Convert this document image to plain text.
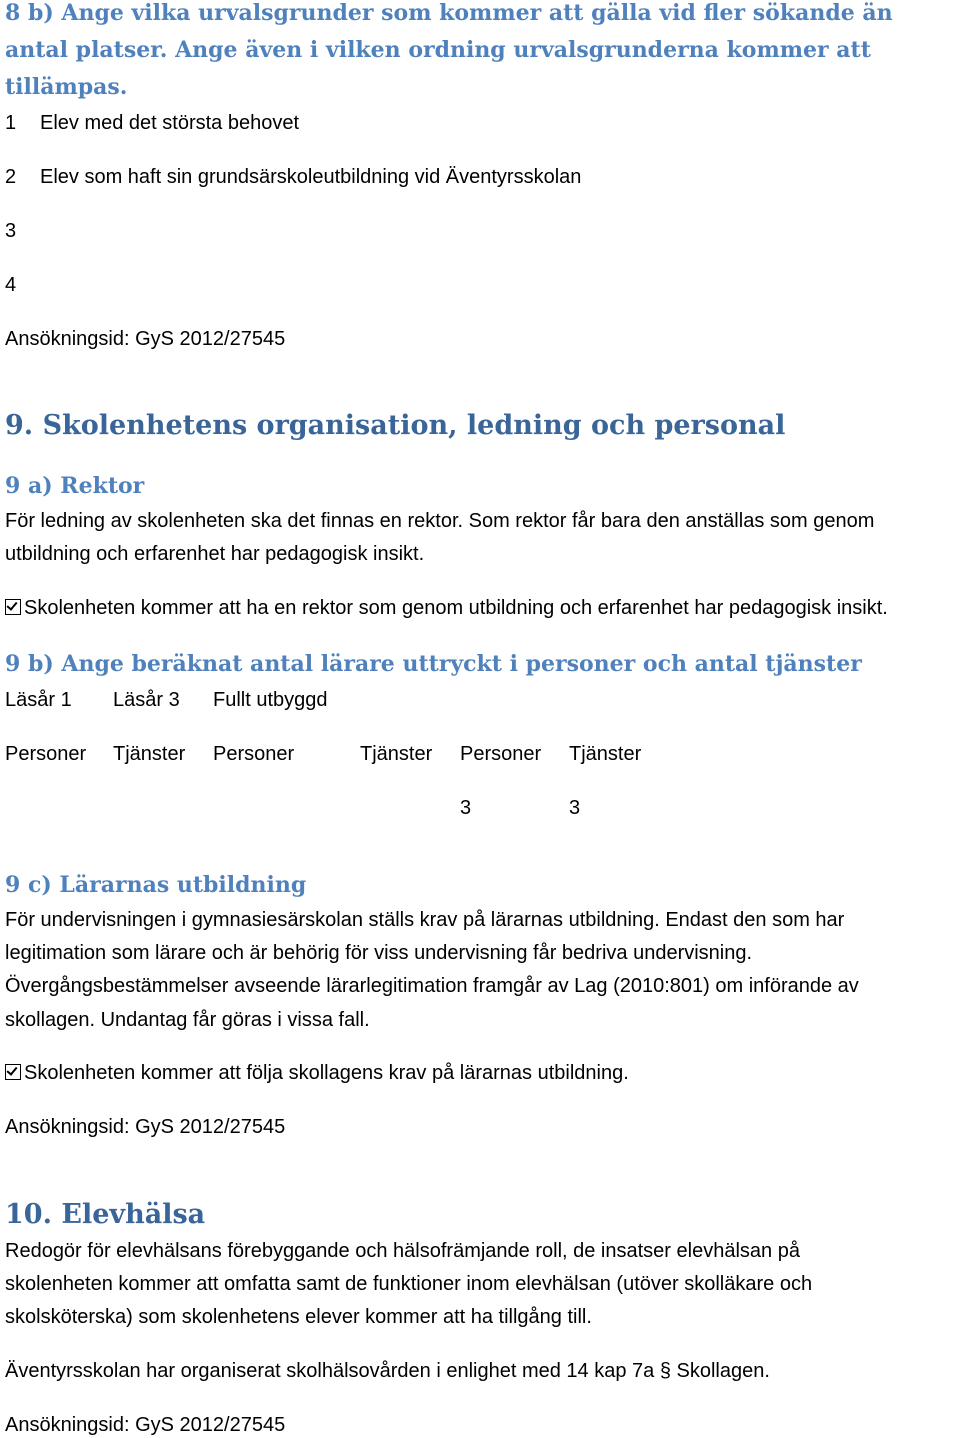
8 b) Ange vilka urvalsgrunder som kommer att gälla vid fler sökande än
antal platser. Ange även i vilken ordning urvalsgrunderna kommer att
tillämpas.
1 Elev med det största behovet
2 Elev som haft sin grundsärskoleutbildning vid Äventyrsskolan
3
4
Ansökningsid: GyS 2012/27545
9. Skolenhetens organisation, ledning och personal
9 a) Rektor
För ledning av skolenheten ska det finnas en rektor. Som rektor får bara den anställas som genom
utbildning och erfarenhet har pedagogisk insikt.
Skolenheten kommer att ha en rektor som genom utbildning och erfarenhet har pedagogisk insikt.
9 b) Ange beräknat antal lärare uttryckt i personer och antal tjänster
Läsår 1 Läsår 3 Fullt utbyggd
Personer Tjänster Personer	Tjänster Personer Tjänster
3	3
9 c) Lärarnas utbildning
För undervisningen i gymnasiesärskolan ställs krav på lärarnas utbildning. Endast den som har
legitimation som lärare och är behörig för viss undervisning får bedriva undervisning.
Övergångsbestämmelser avseende lärarlegitimation framgår av Lag (2010:801) om införande av
skollagen. Undantag får göras i vissa fall.
Skolenheten kommer att följa skollagens krav på lärarnas utbildning.
Ansökningsid: GyS 2012/27545
10. Elevhälsa
Redogör för elevhälsans förebyggande och hälsofrämjande roll, de insatser elevhälsan på
skolenheten kommer att omfatta samt de funktioner inom elevhälsan (utöver skolläkare och
skolsköterska) som skolenhetens elever kommer att ha tillgång till.
Äventyrsskolan har organiserat skolhälsovården i enlighet med 14 kap 7a § Skollagen.
Ansökningsid: GyS 2012/27545
